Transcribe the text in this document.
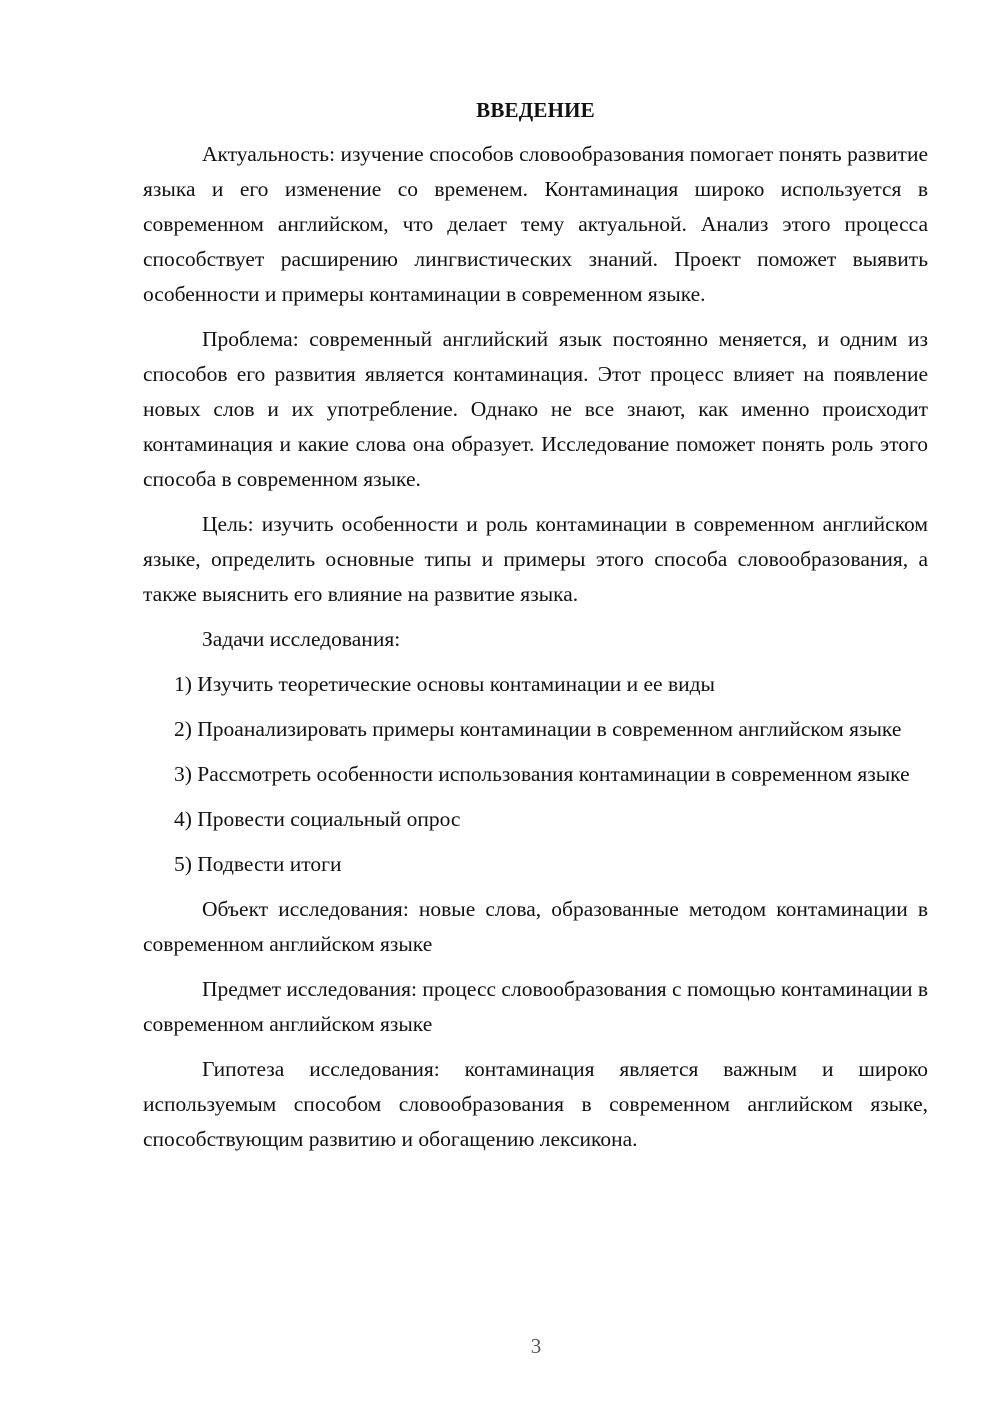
ВВЕДЕНИЕ

Актуальность: изучение способов словообразования помогает понять развитие языка и его изменение со временем. Контаминация широко используется в современном английском, что делает тему актуальной. Анализ этого процесса способствует расширению лингвистических знаний. Проект поможет выявить особенности и примеры контаминации в современном языке.

Проблема: современный английский язык постоянно меняется, и одним из способов его развития является контаминация. Этот процесс влияет на появление новых слов и их употребление. Однако не все знают, как именно происходит контаминация и какие слова она образует. Исследование поможет понять роль этого способа в современном языке.

Цель: изучить особенности и роль контаминации в современном английском языке, определить основные типы и примеры этого способа словообразования, а также выяснить его влияние на развитие языка.

Задачи исследования:

1) Изучить теоретические основы контаминации и ее виды

2) Проанализировать примеры контаминации в современном английском языке

3) Рассмотреть особенности использования контаминации в современном языке

4) Провести социальный опрос

5) Подвести итоги

Объект исследования: новые слова, образованные методом контаминации в современном английском языке

Предмет исследования: процесс словообразования с помощью контаминации в современном английском языке

Гипотеза исследования: контаминация является важным и широко используемым способом словообразования в современном английском языке, способствующим развитию и обогащению лексикона.

3
